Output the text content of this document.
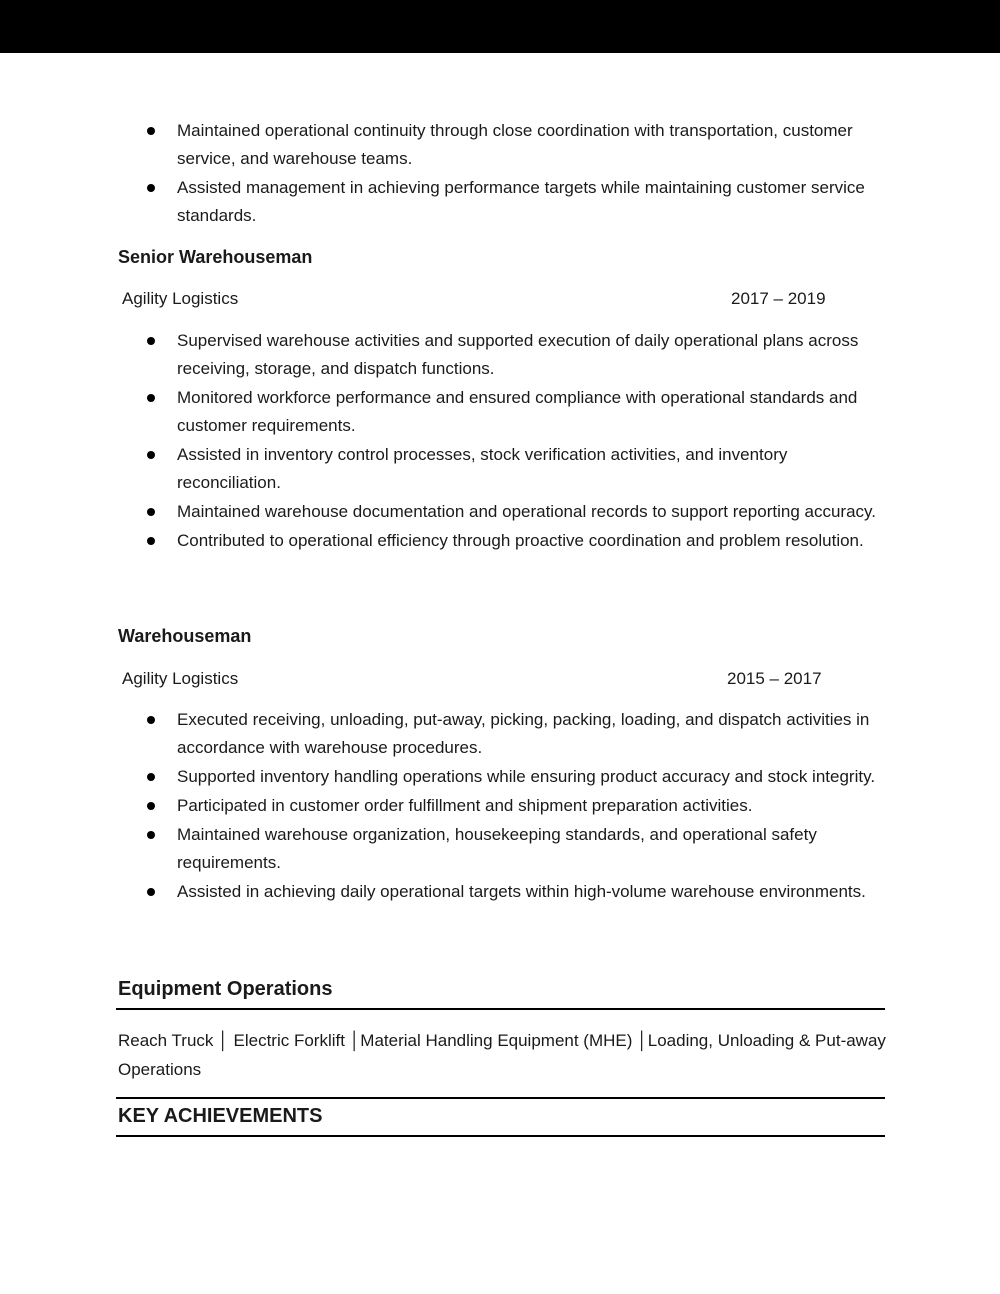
Maintained operational continuity through close coordination with transportation, customer service, and warehouse teams.
Assisted management in achieving performance targets while maintaining customer service standards.
Senior Warehouseman
Agility Logistics	2017 – 2019
Supervised warehouse activities and supported execution of daily operational plans across receiving, storage, and dispatch functions.
Monitored workforce performance and ensured compliance with operational standards and customer requirements.
Assisted in inventory control processes, stock verification activities, and inventory reconciliation.
Maintained warehouse documentation and operational records to support reporting accuracy.
Contributed to operational efficiency through proactive coordination and problem resolution.
Warehouseman
Agility Logistics	2015 – 2017
Executed receiving, unloading, put-away, picking, packing, loading, and dispatch activities in accordance with warehouse procedures.
Supported inventory handling operations while ensuring product accuracy and stock integrity.
Participated in customer order fulfillment and shipment preparation activities.
Maintained warehouse organization, housekeeping standards, and operational safety requirements.
Assisted in achieving daily operational targets within high-volume warehouse environments.
Equipment Operations
Reach Truck │ Electric Forklift │Material Handling Equipment (MHE) │Loading, Unloading & Put-away Operations
KEY ACHIEVEMENTS
